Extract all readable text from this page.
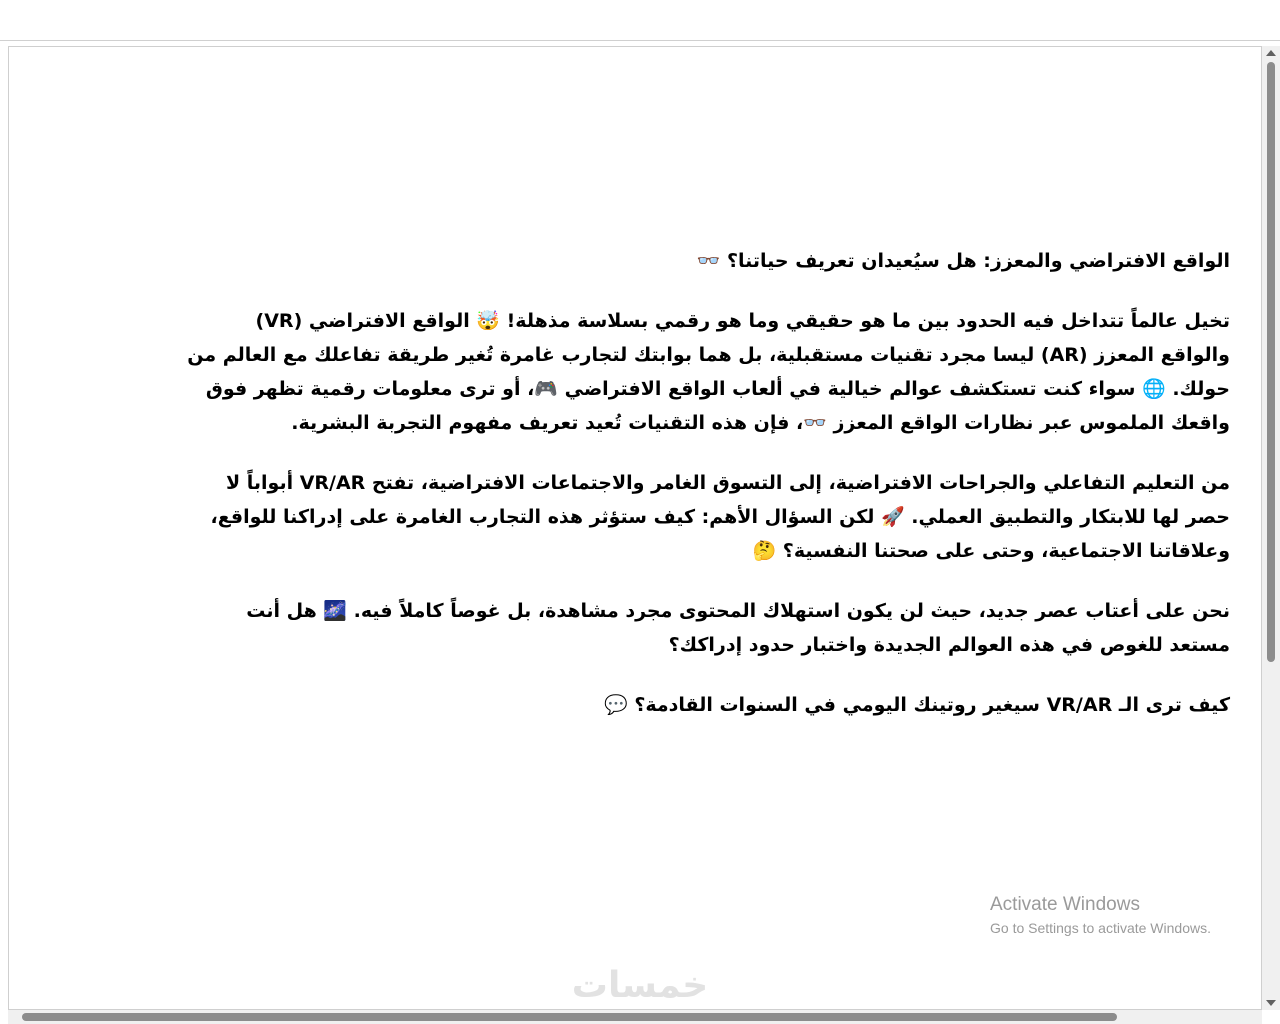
الواقع الافتراضي والمعزز: هل سيُعيدان تعريف حياتنا؟ 👓

تخيل عالماً تتداخل فيه الحدود بين ما هو حقيقي وما هو رقمي بسلاسة مذهلة! 🤯 الواقع الافتراضي (VR) والواقع المعزز (AR) ليسا مجرد تقنيات مستقبلية، بل هما بوابتك لتجارب غامرة تُغير طريقة تفاعلك مع العالم من حولك. 🌐 سواء كنت تستكشف عوالم خيالية في ألعاب الواقع الافتراضي 🎮، أو ترى معلومات رقمية تظهر فوق واقعك الملموس عبر نظارات الواقع المعزز 👓، فإن هذه التقنيات تُعيد تعريف مفهوم التجربة البشرية.

من التعليم التفاعلي والجراحات الافتراضية، إلى التسوق الغامر والاجتماعات الافتراضية، تفتح VR/AR أبواباً لا حصر لها للابتكار والتطبيق العملي. 🚀 لكن السؤال الأهم: كيف ستؤثر هذه التجارب الغامرة على إدراكنا للواقع، وعلاقاتنا الاجتماعية، وحتى على صحتنا النفسية؟ 🤔

نحن على أعتاب عصر جديد، حيث لن يكون استهلاك المحتوى مجرد مشاهدة، بل غوصاً كاملاً فيه. 🌌 هل أنت مستعد للغوص في هذه العوالم الجديدة واختبار حدود إدراكك؟

كيف ترى الـ VR/AR سيغير روتينك اليومي في السنوات القادمة؟ 💬

Activate Windows
Go to Settings to activate Windows.
خمسات
